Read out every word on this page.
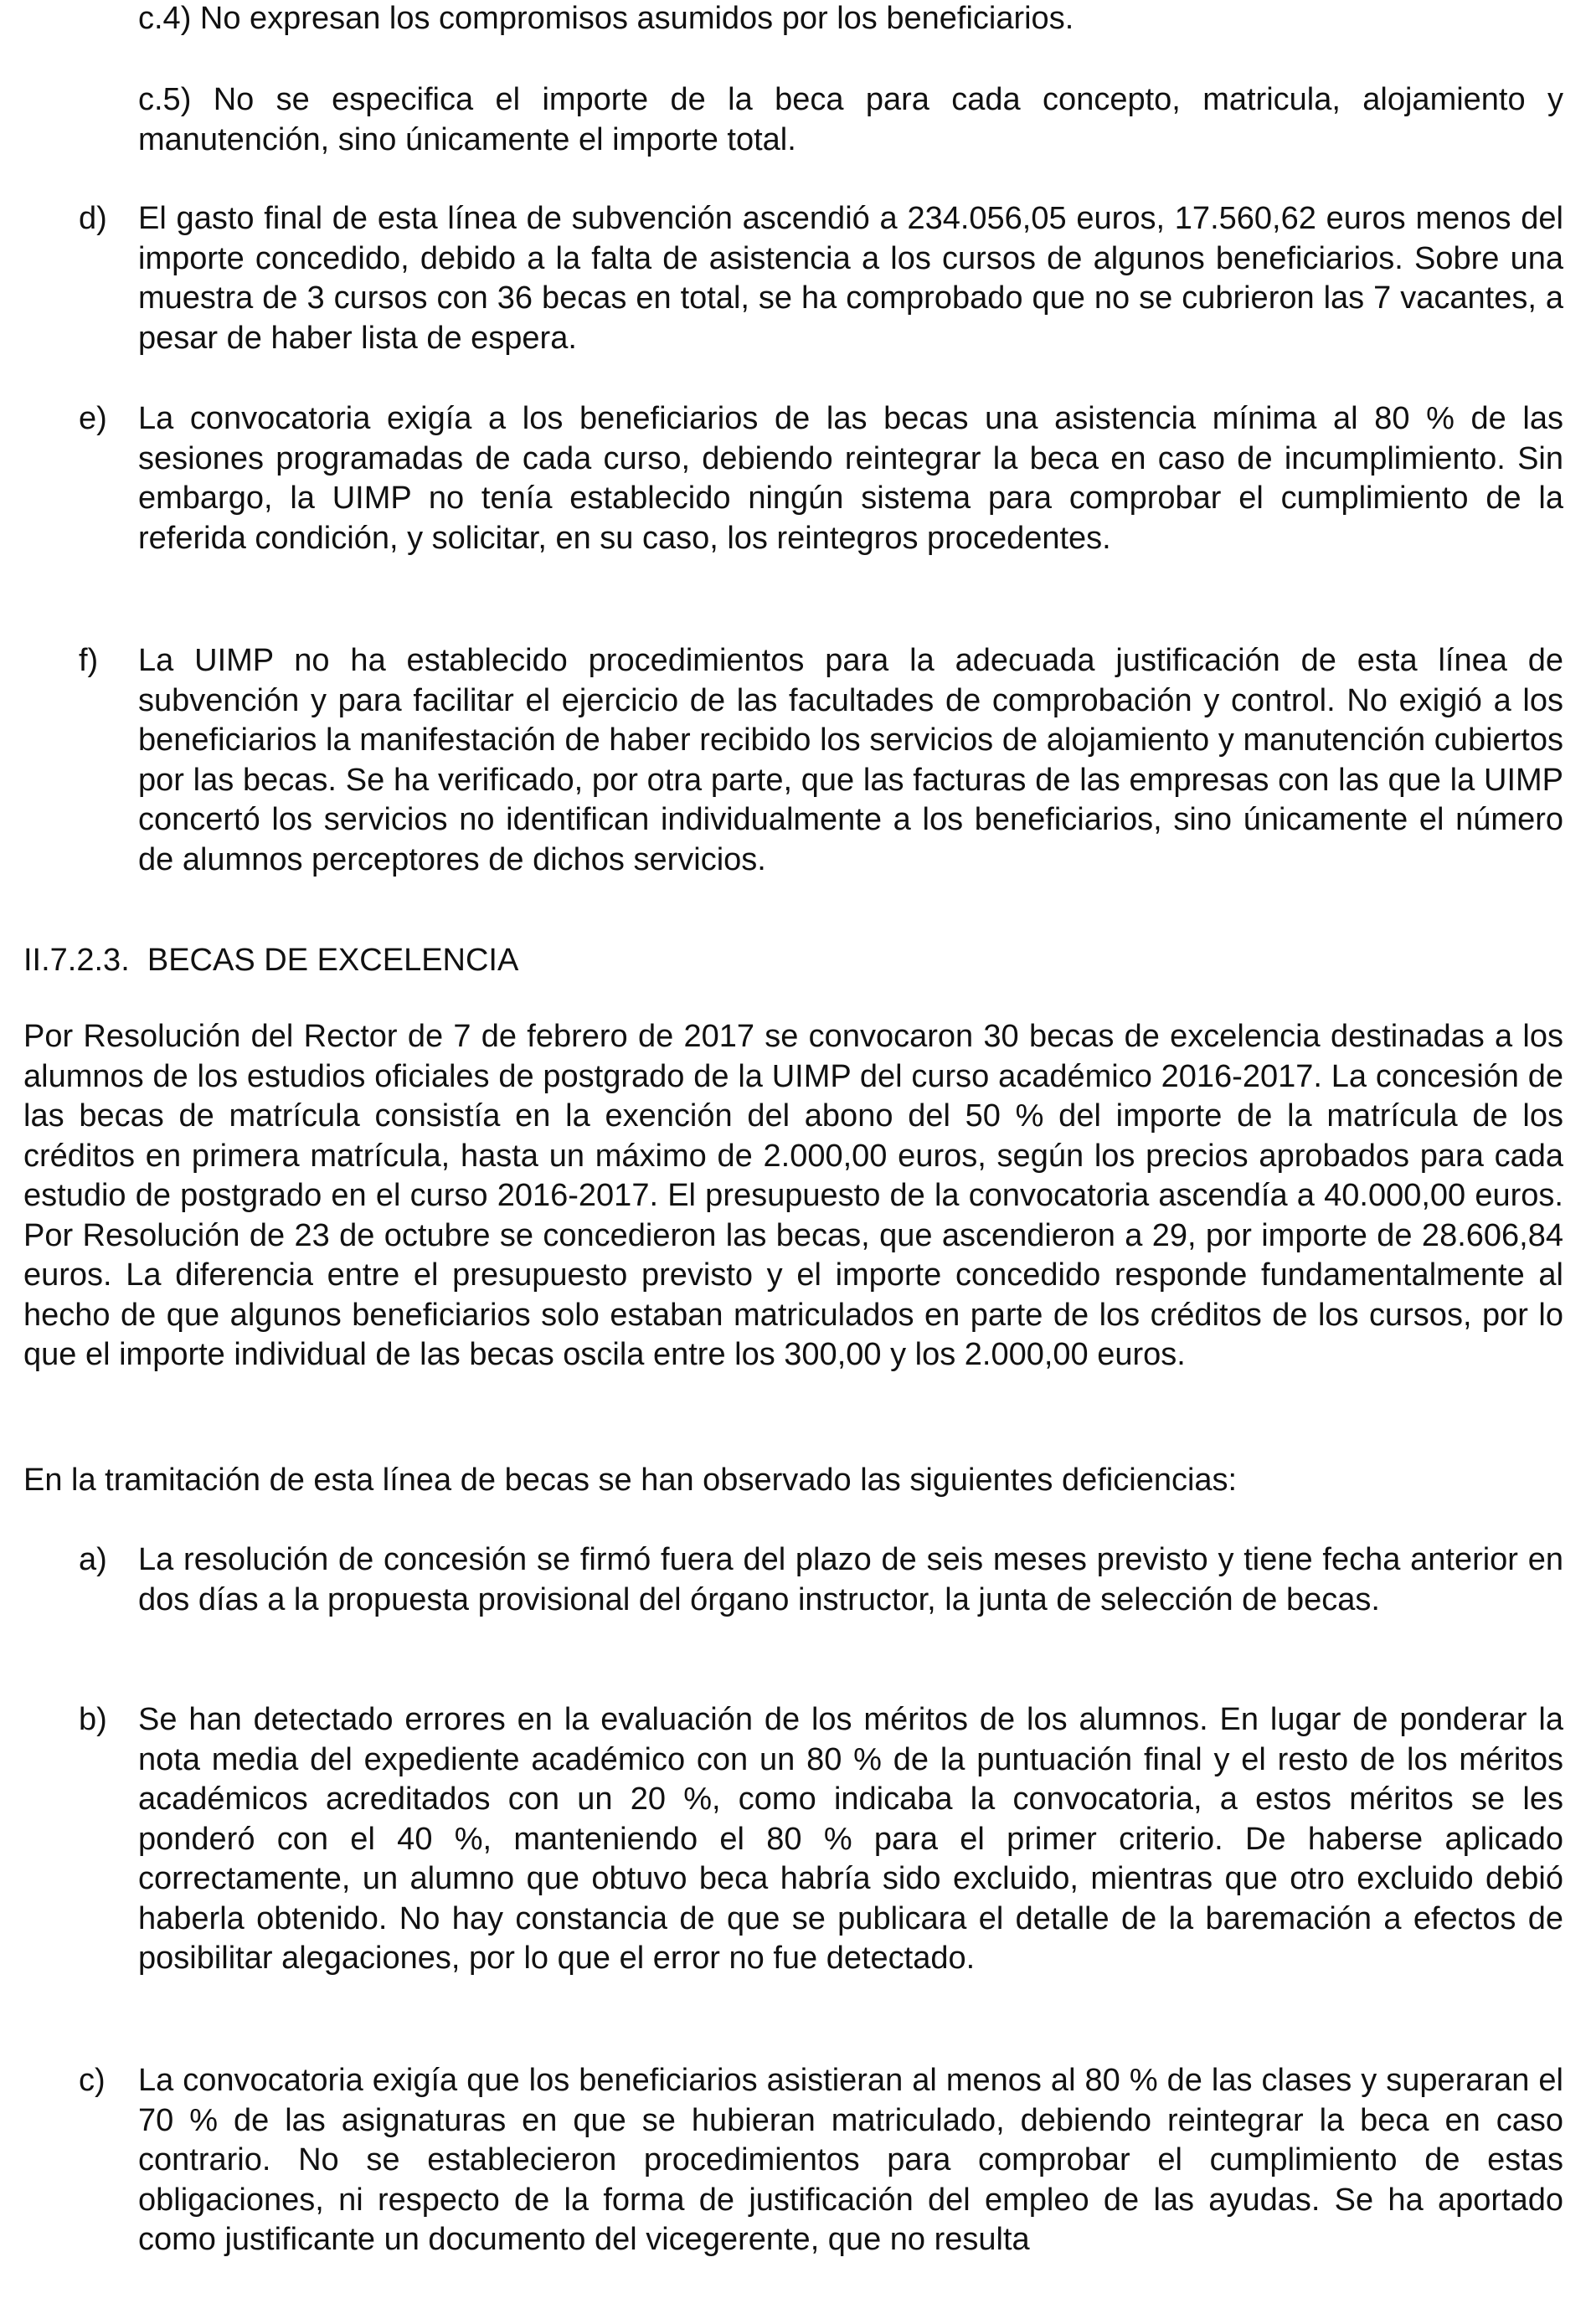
c.4) No expresan los compromisos asumidos por los beneficiarios.

c.5) No se especifica el importe de la beca para cada concepto, matricula, alojamiento y manutención, sino únicamente el importe total.

d) El gasto final de esta línea de subvención ascendió a 234.056,05 euros, 17.560,62 euros menos del importe concedido, debido a la falta de asistencia a los cursos de algunos beneficiarios. Sobre una muestra de 3 cursos con 36 becas en total, se ha comprobado que no se cubrieron las 7 vacantes, a pesar de haber lista de espera.

e) La convocatoria exigía a los beneficiarios de las becas una asistencia mínima al 80 % de las sesiones programadas de cada curso, debiendo reintegrar la beca en caso de incumplimiento. Sin embargo, la UIMP no tenía establecido ningún sistema para comprobar el cumplimiento de la referida condición, y solicitar, en su caso, los reintegros procedentes.

f)	La UIMP no ha establecido procedimientos para la adecuada justificación de esta línea de subvención y para facilitar el ejercicio de las facultades de comprobación y control. No exigió a los beneficiarios la manifestación de haber recibido los servicios de alojamiento y manutención cubiertos por las becas. Se ha verificado, por otra parte, que las facturas de las empresas con las que la UIMP concertó los servicios no identifican individualmente a los beneficiarios, sino únicamente el número de alumnos perceptores de dichos servicios.

II.7.2.3.  BECAS DE EXCELENCIA

Por Resolución del Rector de 7 de febrero de 2017 se convocaron 30 becas de excelencia destinadas a los alumnos de los estudios oficiales de postgrado de la UIMP del curso académico 2016-2017. La concesión de las becas de matrícula consistía en la exención del abono del 50 % del importe de la matrícula de los créditos en primera matrícula, hasta un máximo de 2.000,00 euros, según los precios aprobados para cada estudio de postgrado en el curso 2016-2017. El presupuesto de la convocatoria ascendía a 40.000,00 euros. Por Resolución de 23 de octubre se concedieron las becas, que ascendieron a 29, por importe de 28.606,84 euros. La diferencia entre el presupuesto previsto y el importe concedido responde fundamentalmente al hecho de que algunos beneficiarios solo estaban matriculados en parte de los créditos de los cursos, por lo que el importe individual de las becas oscila entre los 300,00 y los 2.000,00 euros.

En la tramitación de esta línea de becas se han observado las siguientes deficiencias:

a) La resolución de concesión se firmó fuera del plazo de seis meses previsto y tiene fecha anterior en dos días a la propuesta provisional del órgano instructor, la junta de selección de becas.

b) Se han detectado errores en la evaluación de los méritos de los alumnos. En lugar de ponderar la nota media del expediente académico con un 80 % de la puntuación final y el resto de los méritos académicos acreditados con un 20 %, como indicaba la convocatoria, a estos méritos se les ponderó con el 40 %, manteniendo el 80 % para el primer criterio. De haberse aplicado correctamente, un alumno que obtuvo beca habría sido excluido, mientras que otro excluido debió haberla obtenido. No hay constancia de que se publicara el detalle de la baremación a efectos de posibilitar alegaciones, por lo que el error no fue detectado.

c)	La convocatoria exigía que los beneficiarios asistieran al menos al 80 % de las clases y superaran el 70 % de las asignaturas en que se hubieran matriculado, debiendo reintegrar la beca en caso contrario. No se establecieron procedimientos para comprobar el cumplimiento de estas obligaciones, ni respecto de la forma de justificación del empleo de las ayudas. Se ha aportado como justificante un documento del vicegerente, que no resulta
